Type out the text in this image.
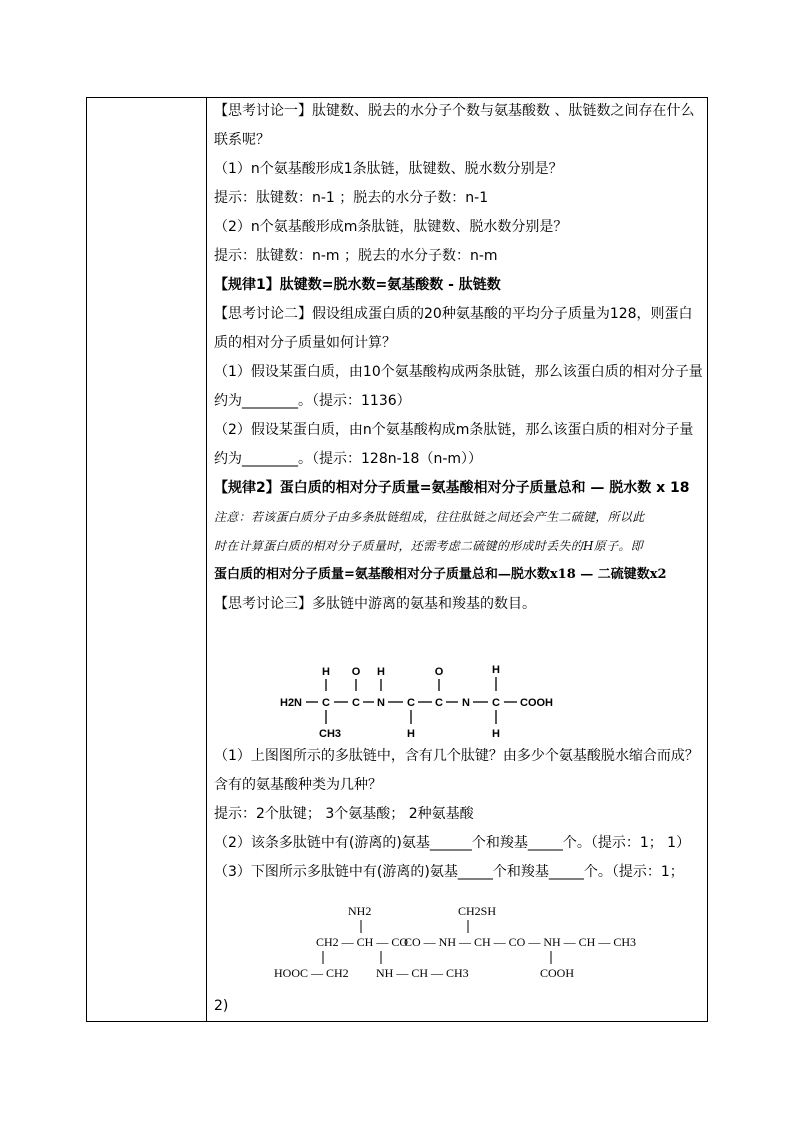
【思考讨论一】肽键数、脱去的水分子个数与氨基酸数 、肽链数之间存在什么
联系呢？
（1）n个氨基酸形成1条肽链，肽键数、脱水数分别是？
提示：肽键数：n-1 ；脱去的水分子数：n-1
（2）n个氨基酸形成m条肽链，肽键数、脱水数分别是？
提示：肽键数：n-m ；脱去的水分子数：n-m
【规律1】肽键数=脱水数=氨基酸数 - 肽链数
【思考讨论二】假设组成蛋白质的20种氨基酸的平均分子质量为128，则蛋白
质的相对分子质量如何计算？
（1）假设某蛋白质，由10个氨基酸构成两条肽链，那么该蛋白质的相对分子量
约为________。（提示：1136）
（2）假设某蛋白质，由n个氨基酸构成m条肽链，那么该蛋白质的相对分子量
约为________。（提示：128n-18（n-m））
【规律2】蛋白质的相对分子质量=氨基酸相对分子质量总和 — 脱水数 x 18
注意：若该蛋白质分子由多条肽链组成，往往肽链之间还会产生二硫键，所以此
时在计算蛋白质的相对分子质量时，还需考虑二硫键的形成时丢失的H原子。即
蛋白质的相对分子质量=氨基酸相对分子质量总和—脱水数x18 — 二硫键数x2
【思考讨论三】多肽链中游离的氨基和羧基的数目。
H2N C C N C C N C COOH
H O H	O	H
CH3	H	H
（1）上图图所示的多肽链中，含有几个肽键？由多少个氨基酸脱水缩合而成？
含有的氨基酸种类为几种？
提示：2个肽键； 3个氨基酸； 2种氨基酸
（2）该条多肽链中有(游离的)氨基______个和羧基_____个。（提示：1； 1）
（3）下图所示多肽链中有(游离的)氨基_____个和羧基_____个。（提示：1；
NH2	CH2SH
CH2 — CH — CO
CO — NH — CH — CO — NH — CH — CH3
HOOC — CH2 NH — CH — CH3	COOH
2)
